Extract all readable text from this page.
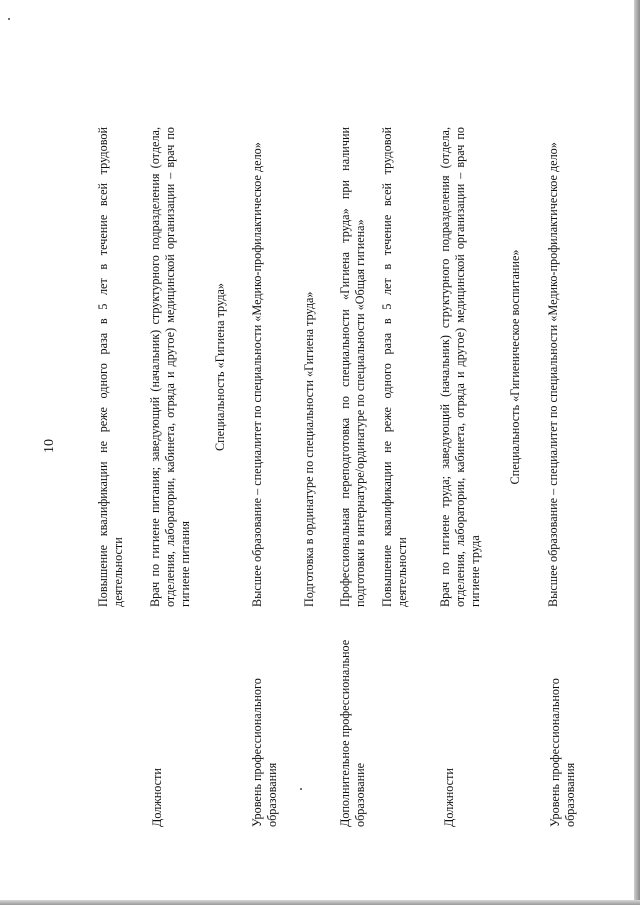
10	Повышение квалификации не реже одного раза в 5 лет в течение всей трудовой деятельности

Должности

Врач по гигиене питания; заведующий (начальник) структурного подразделения (отдела, отделения, лаборатории, кабинета, отряда и другое) медицинской организации – врач по гигиене питания

Специальность «Гигиена труда»

Уровень профессионального образования

Высшее образование – специалитет по специальности «Медико-профилактическое дело»	Подготовка в ординатуре по специальности «Гигиена труда»

Дополнительное профессиональное образование

Профессиональная переподготовка по специальности «Гигиена труда» при наличии подготовки в интернатуре/ординатуре по специальности «Общая гигиена» Повышение квалификации не реже одного раза в 5 лет в течение всей трудовой деятельности

Должности

Врач по гигиене труда; заведующий (начальник) структурного подразделения (отдела, отделения, лаборатории, кабинета, отряда и другое) медицинской организации – врач по гигиене труда

Специальность «Гигиеническое воспитание»

Уровень профессионального образования

Высшее образование – специалитет по специальности «Медико-профилактическое дело»
